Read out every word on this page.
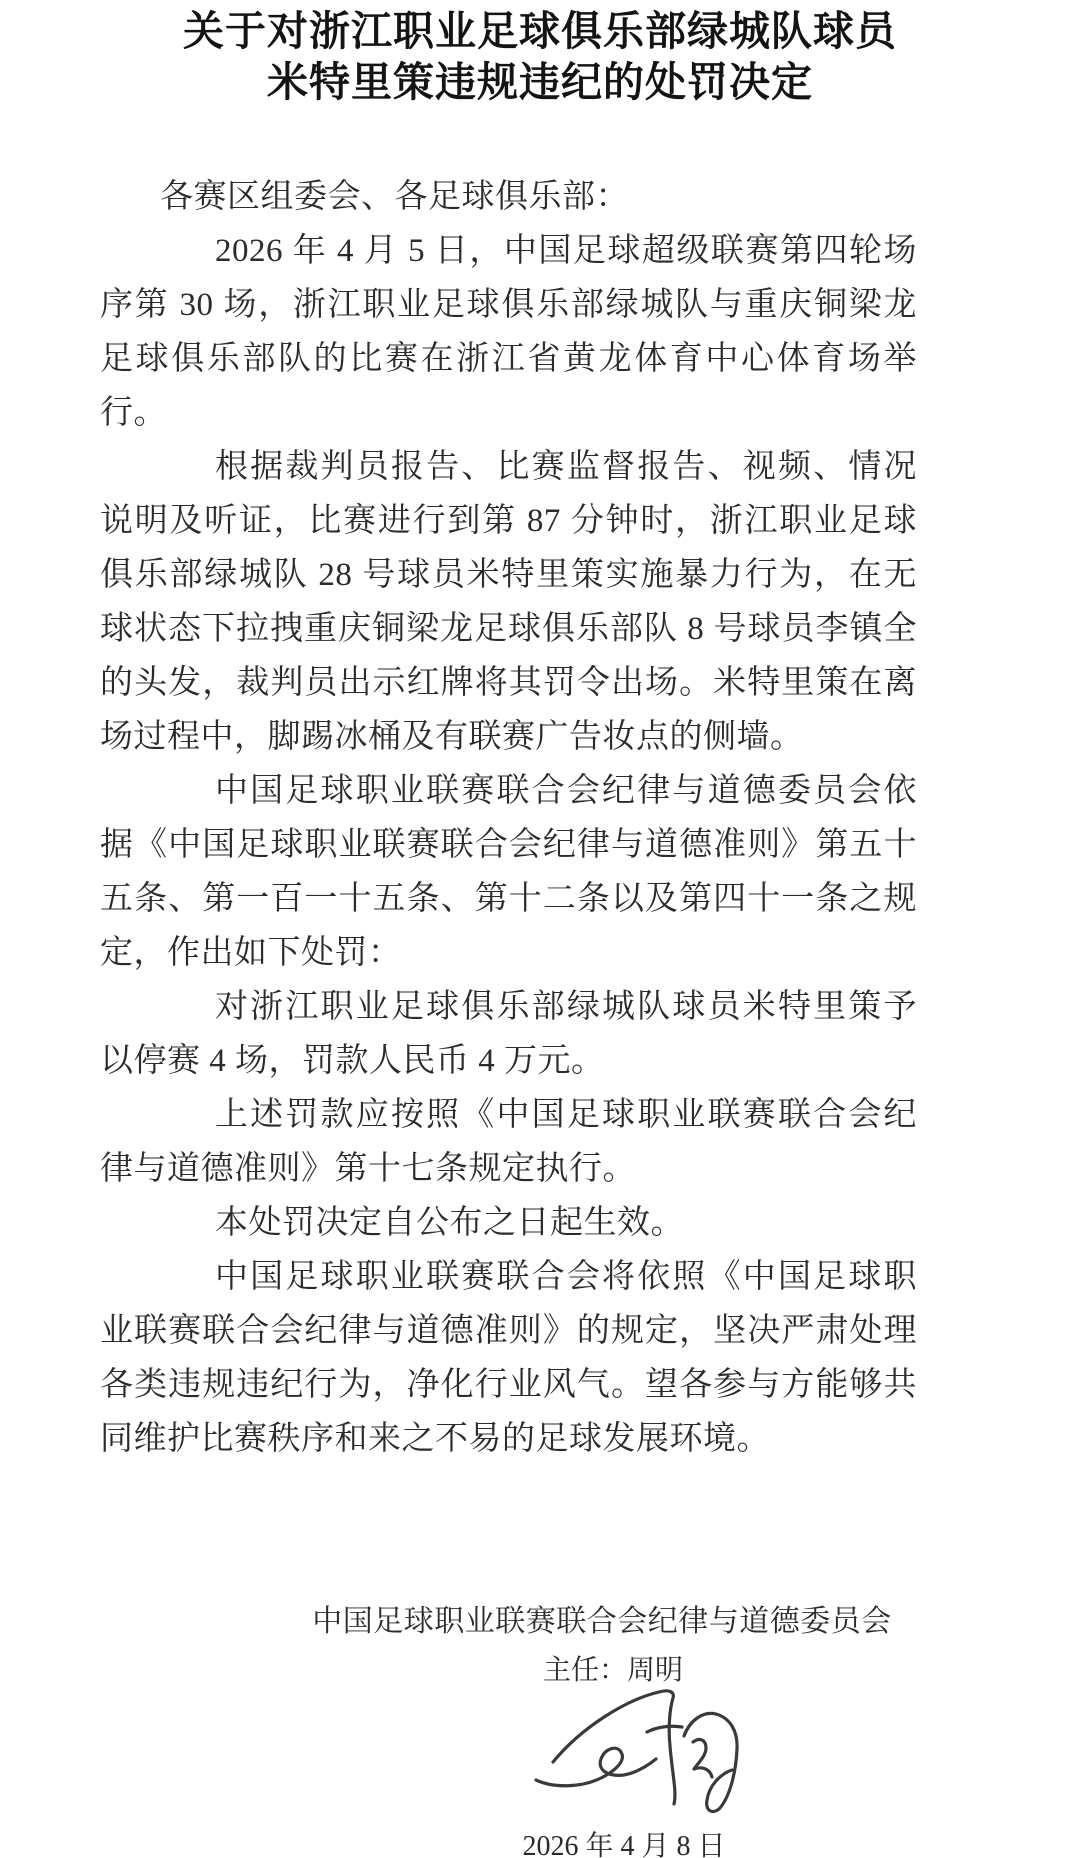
关于对浙江职业足球俱乐部绿城队球员
米特里策违规违纪的处罚决定
各赛区组委会、各足球俱乐部：

2026 年 4 月 5 日，中国足球超级联赛第四轮场序第 30 场，浙江职业足球俱乐部绿城队与重庆铜梁龙足球俱乐部队的比赛在浙江省黄龙体育中心体育场举行。

根据裁判员报告、比赛监督报告、视频、情况说明及听证，比赛进行到第 87 分钟时，浙江职业足球俱乐部绿城队 28 号球员米特里策实施暴力行为，在无球状态下拉拽重庆铜梁龙足球俱乐部队 8 号球员李镇全的头发，裁判员出示红牌将其罚令出场。米特里策在离场过程中，脚踢冰桶及有联赛广告妆点的侧墙。

中国足球职业联赛联合会纪律与道德委员会依据《中国足球职业联赛联合会纪律与道德准则》第五十五条、第一百一十五条、第十二条以及第四十一条之规定，作出如下处罚：

对浙江职业足球俱乐部绿城队球员米特里策予以停赛 4 场，罚款人民币 4 万元。

上述罚款应按照《中国足球职业联赛联合会纪律与道德准则》第十七条规定执行。

本处罚决定自公布之日起生效。

中国足球职业联赛联合会将依照《中国足球职业联赛联合会纪律与道德准则》的规定，坚决严肃处理各类违规违纪行为，净化行业风气。望各参与方能够共同维护比赛秩序和来之不易的足球发展环境。

中国足球职业联赛联合会纪律与道德委员会
主任：周明
2026 年 4 月 8 日
